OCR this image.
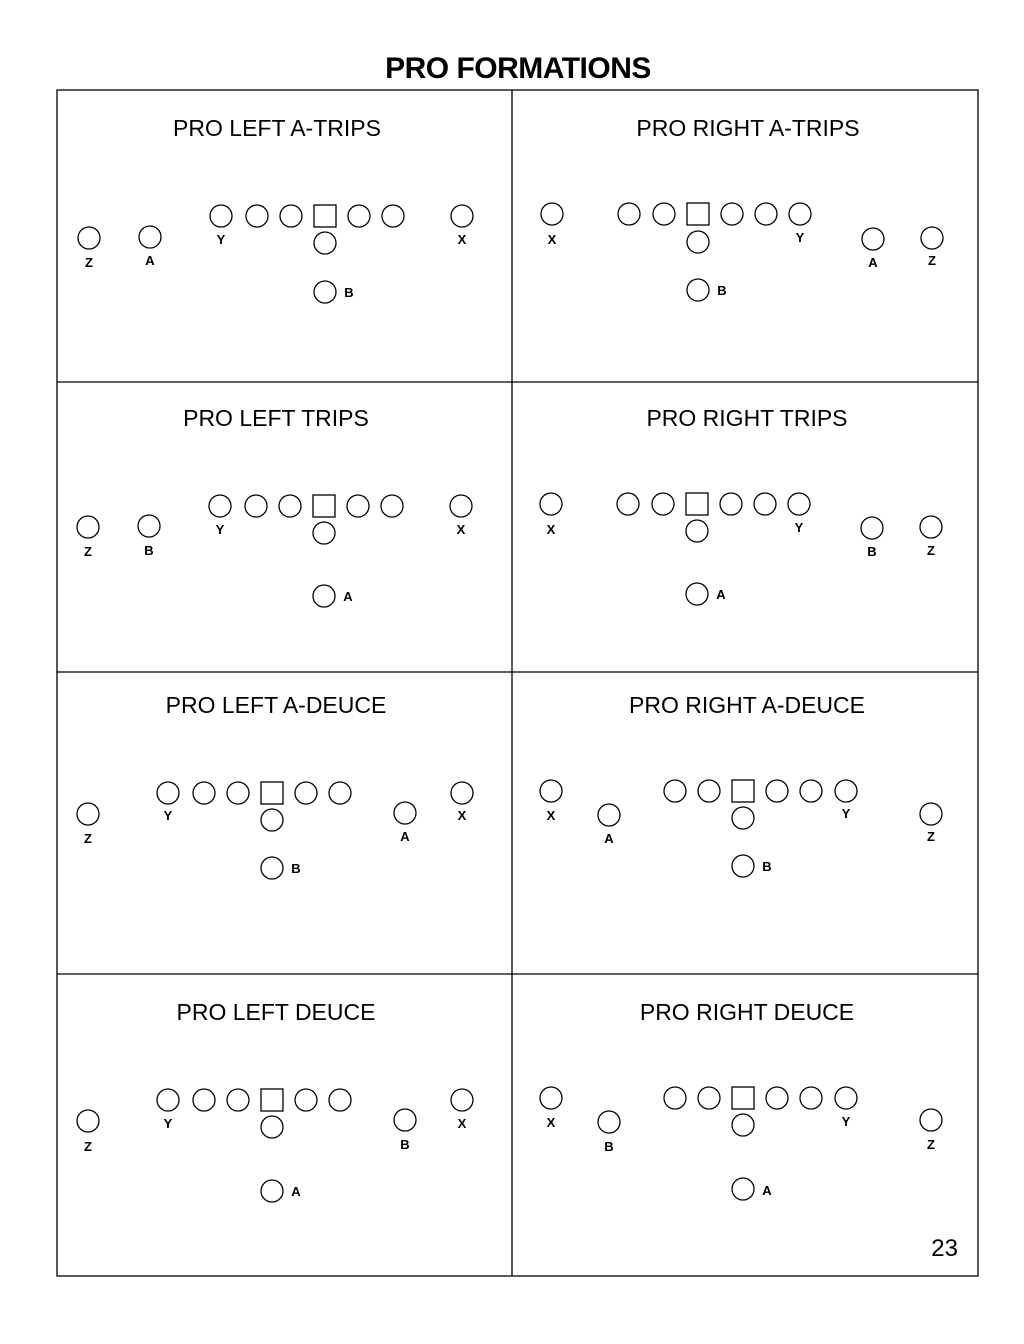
PRO FORMATIONS
PRO LEFT A-TRIPS
Y	X
Z	A
B
PRO RIGHT A-TRIPS
X	Y
A	Z
B
PRO LEFT TRIPS
Y	X
Z	B
A
PRO RIGHT TRIPS
X	Y
B	Z
A
PRO LEFT A-DEUCE
Z
Y
A
X
B
PRO RIGHT A-DEUCE
X
A
Y
Z
B
PRO LEFT DEUCE
Z
Y
B
X
A
PRO RIGHT DEUCE
X
B
Y
Z
A
23
